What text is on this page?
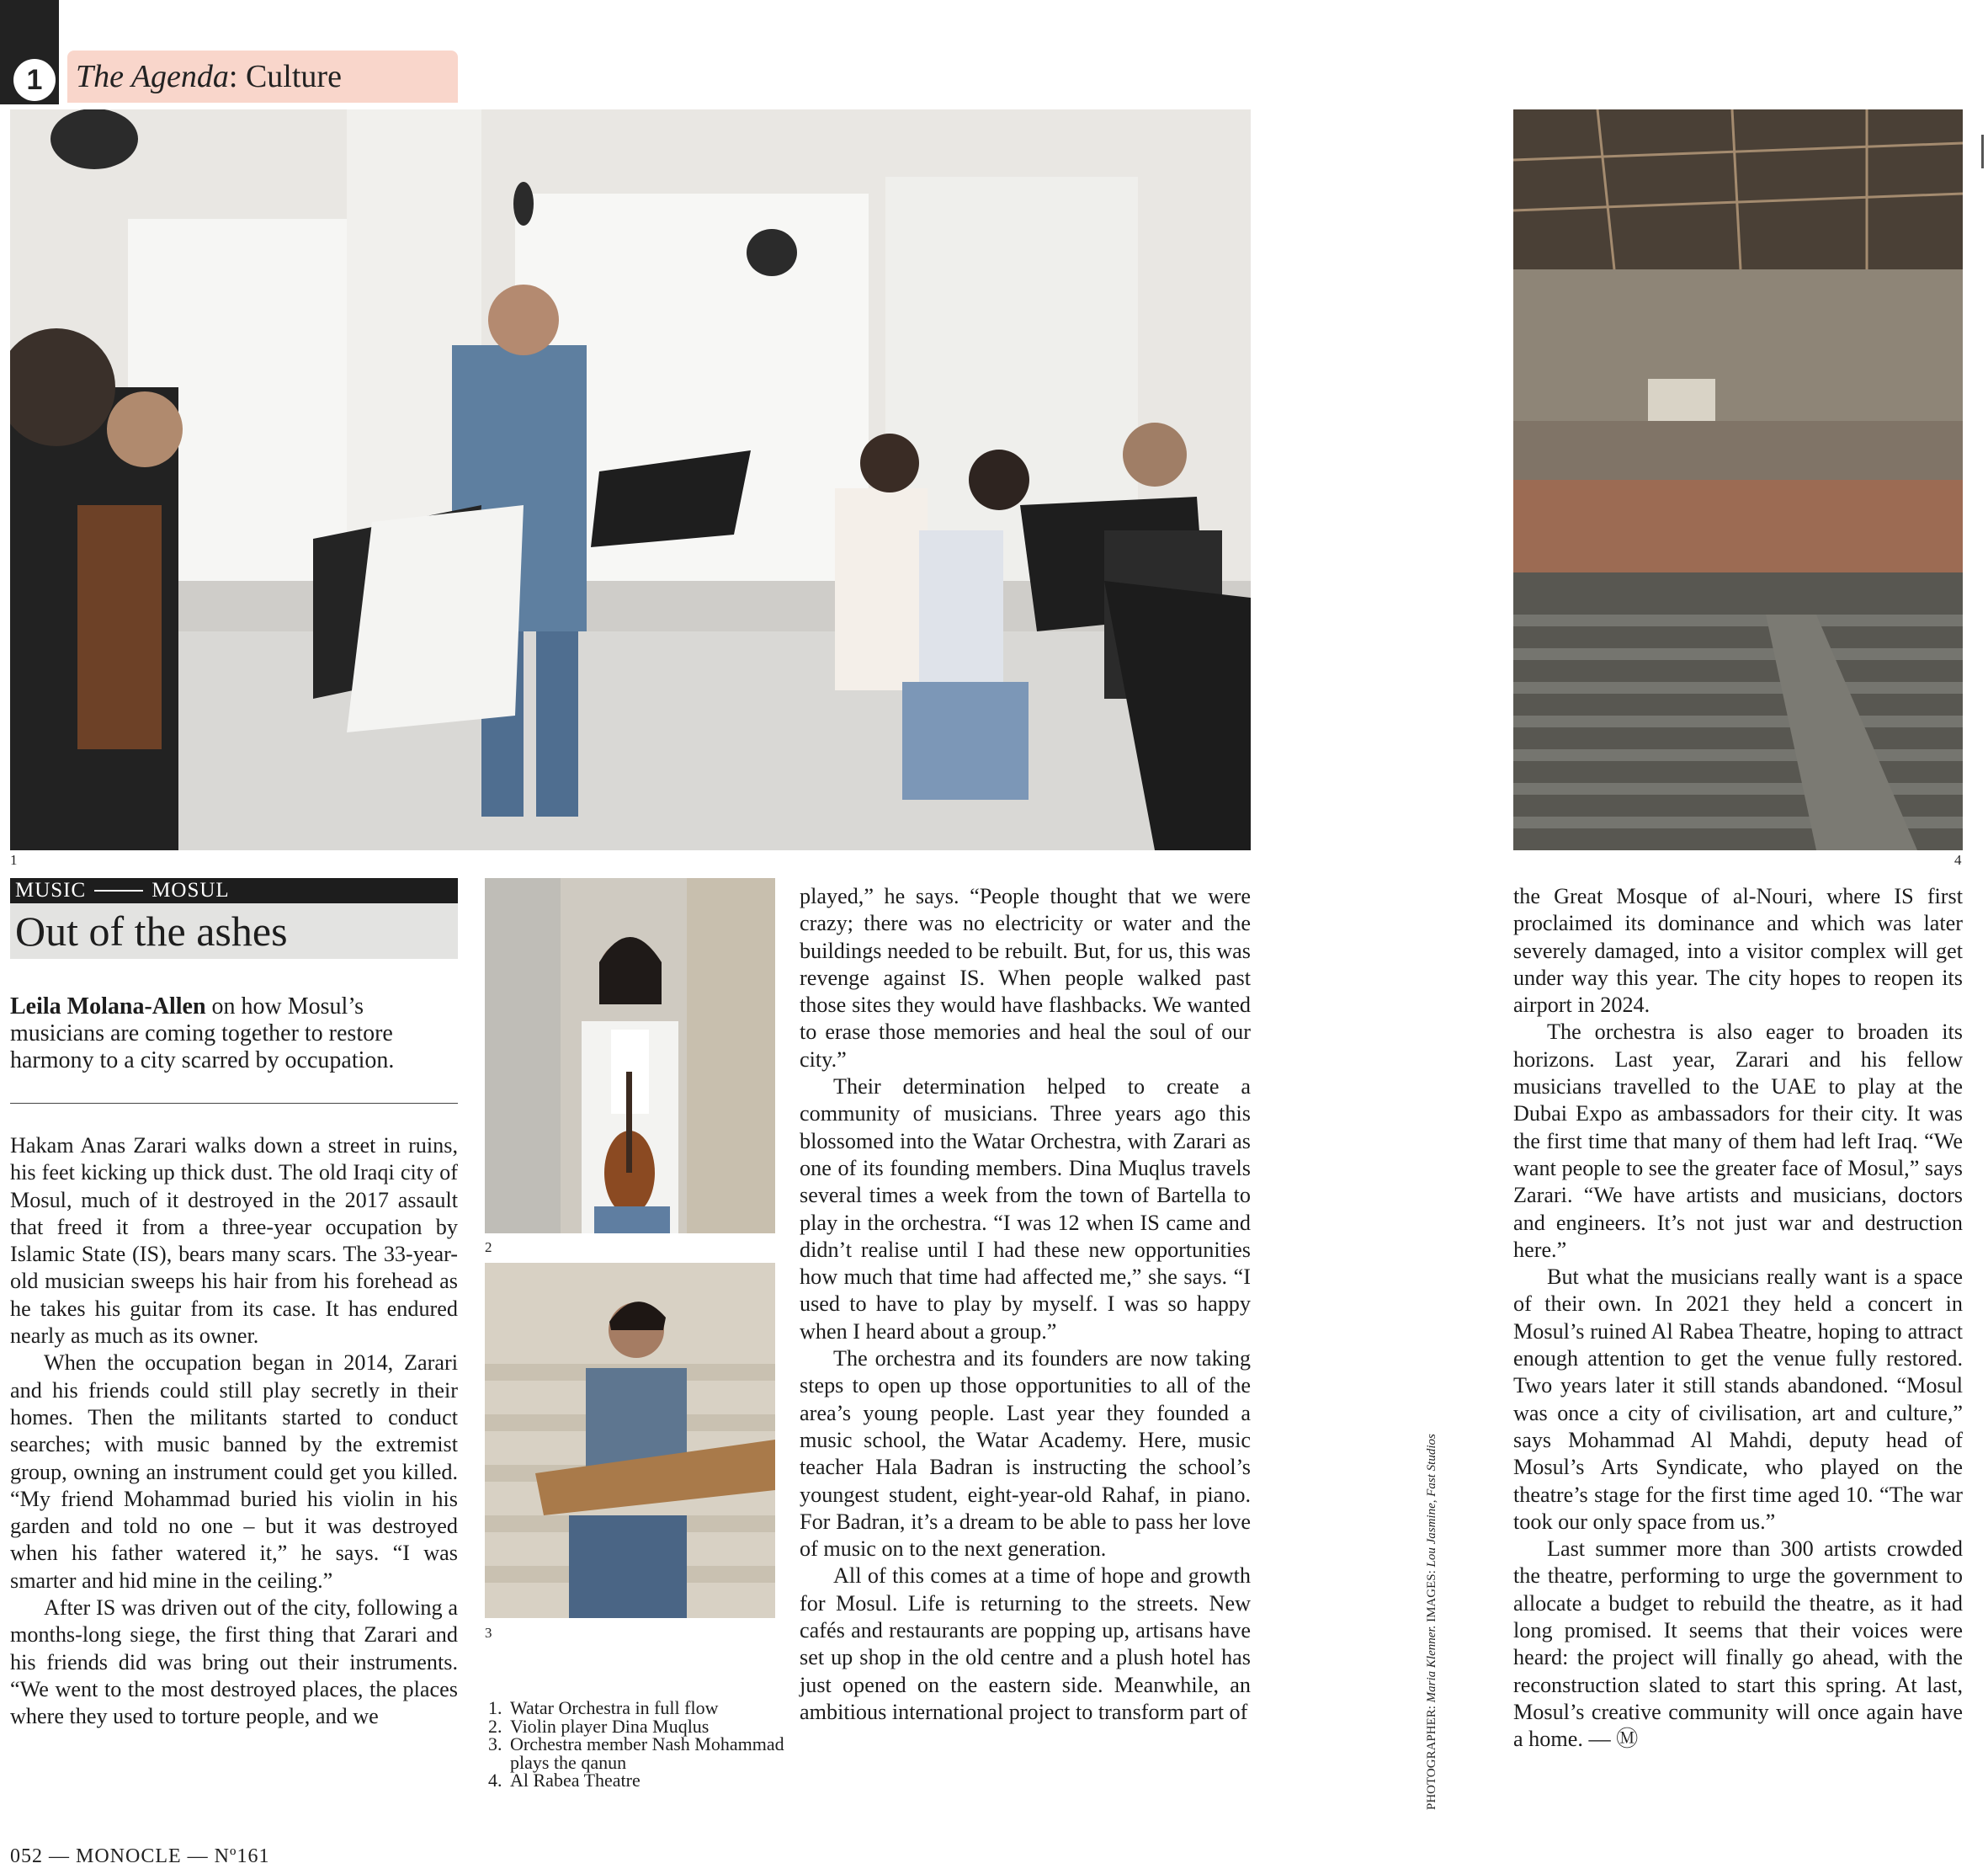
1	The Agenda : Culture
1	4
2
3
MUSIC	MOSUL
Out of the ashes
Leila Molana-Allen on how Mosul’s musicians are coming together to restore harmony to a city scarred by occupation.

Hakam Anas Zarari walks down a street in ruins, his feet kicking up thick dust. The old Iraqi city of Mosul, much of it destroyed in the 2017 assault that freed it from a three-year occupation by Islamic State (IS), bears many scars. The 33-year-old musician sweeps his hair from his forehead as he takes his guitar from its case. It has endured nearly as much as its owner.

When the occupation began in 2014, Zarari and his friends could still play secretly in their homes. Then the militants started to conduct searches; with music banned by the extremist group, owning an instrument could get you killed. “My friend Mohammad buried his violin in his garden and told no one – but it was destroyed when his father watered it,” he says. “I was smarter and hid mine in the ceiling.”

After IS was driven out of the city, following a months-long siege, the first thing that Zarari and his friends did was bring out their instruments. “We went to the most destroyed places, the places where they used to torture people, and we

1.	Watar Orchestra in full flow
2. Violin player Dina Muqlus
3. Orchestra member Nash Mohammad plays the qanun
4. Al Rabea Theatre

played,” he says. “People thought that we were crazy; there was no electricity or water and the buildings needed to be rebuilt. But, for us, this was revenge against IS. When people walked past those sites they would have flashbacks. We wanted to erase those memories and heal the soul of our city.”

Their determination helped to create a community of musicians. Three years ago this blossomed into the Watar Orchestra, with Zarari as one of its founding members. Dina Muqlus travels several times a week from the town of Bartella to play in the orchestra. “I was 12 when IS came and didn’t realise until I had these new opportunities how much that time had affected me,” she says. “I used to have to play by myself. I was so happy when I heard about a group.”

The orchestra and its founders are now taking steps to open up those opportunities to all of the area’s young people. Last year they founded a music school, the Watar Academy. Here, music teacher Hala Badran is instructing the school’s youngest student, eight-year-old Rahaf, in piano. For Badran, it’s a dream to be able to pass her love of music on to the next generation.

All of this comes at a time of hope and growth for Mosul. Life is returning to the streets. New cafés and restaurants are popping up, artisans have set up shop in the old centre and a plush hotel has just opened on the eastern side. Meanwhile, an ambitious international project to transform part of

the Great Mosque of al-Nouri, where IS first proclaimed its dominance and which was later severely damaged, into a visitor complex will get under way this year. The city hopes to reopen its airport in 2024.

The orchestra is also eager to broaden its horizons. Last year, Zarari and his fellow musicians travelled to the UAE to play at the Dubai Expo as ambassadors for their city. It was the first time that many of them had left Iraq. “We want people to see the greater face of Mosul,” says Zarari. “We have artists and musicians, doctors and engineers. It’s not just war and destruction here.”

But what the musicians really want is a space of their own. In 2021 they held a concert in Mosul’s ruined Al Rabea Theatre, hoping to attract enough attention to get the venue fully restored. Two years later it still stands abandoned. “Mosul was once a city of civilisation, art and culture,” says Mohammad Al Mahdi, deputy head of Mosul’s Arts Syndicate, who played on the theatre’s stage for the first time aged 10. “The war took our only space from us.”

Last summer more than 300 artists crowded the theatre, performing to urge the government to allocate a budget to rebuild the theatre, as it had long promised. It seems that their voices were heard: the project will finally go ahead, with the reconstruction slated to start this spring. At last, Mosul’s creative community will once again have a home. — Ⓜ

PHOTOGRAPHER: Maria Klenner. IMAGES: Lou Jasmine, Fast Studios
052 — MONOCLE — Nº161
